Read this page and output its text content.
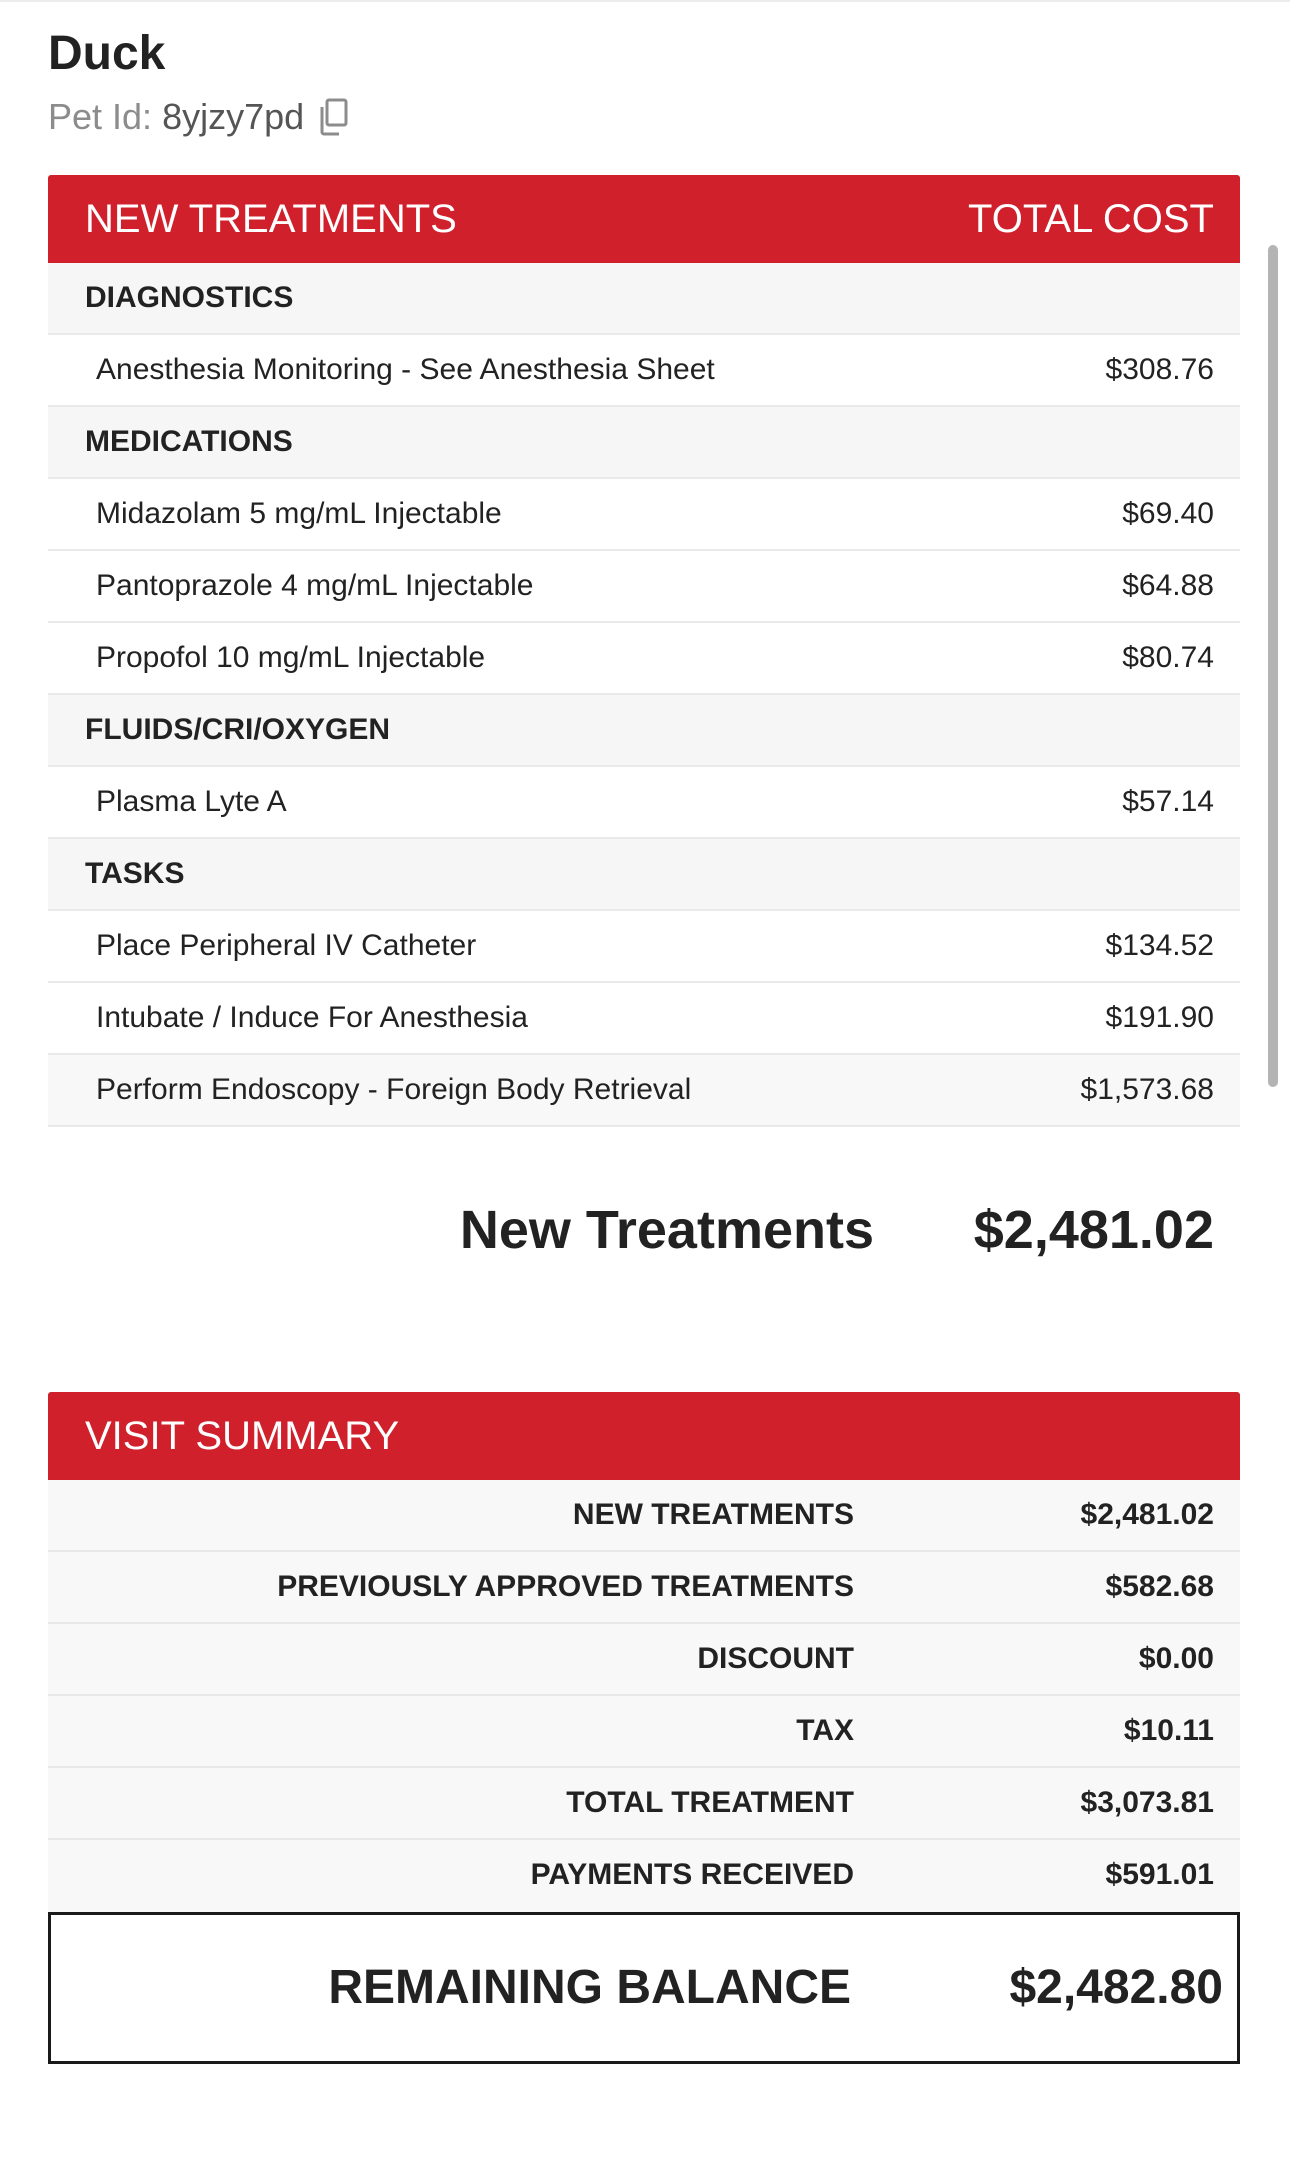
Duck
Pet Id: 8yjzy7pd
NEW TREATMENTS	TOTAL COST
DIAGNOSTICS
Anesthesia Monitoring - See Anesthesia Sheet	$308.76
MEDICATIONS
Midazolam 5 mg/mL Injectable	$69.40
Pantoprazole 4 mg/mL Injectable	$64.88
Propofol 10 mg/mL Injectable	$80.74
FLUIDS/CRI/OXYGEN
Plasma Lyte A	$57.14
TASKS
Place Peripheral IV Catheter	$134.52
Intubate / Induce For Anesthesia	$191.90
Perform Endoscopy - Foreign Body Retrieval	$1,573.68
New Treatments $2,481.02
VISIT SUMMARY
NEW TREATMENTS	$2,481.02
PREVIOUSLY APPROVED TREATMENTS	$582.68
DISCOUNT	$0.00
TAX	$10.11
TOTAL TREATMENT	$3,073.81
PAYMENTS RECEIVED	$591.01
REMAINING BALANCE	$2,482.80
